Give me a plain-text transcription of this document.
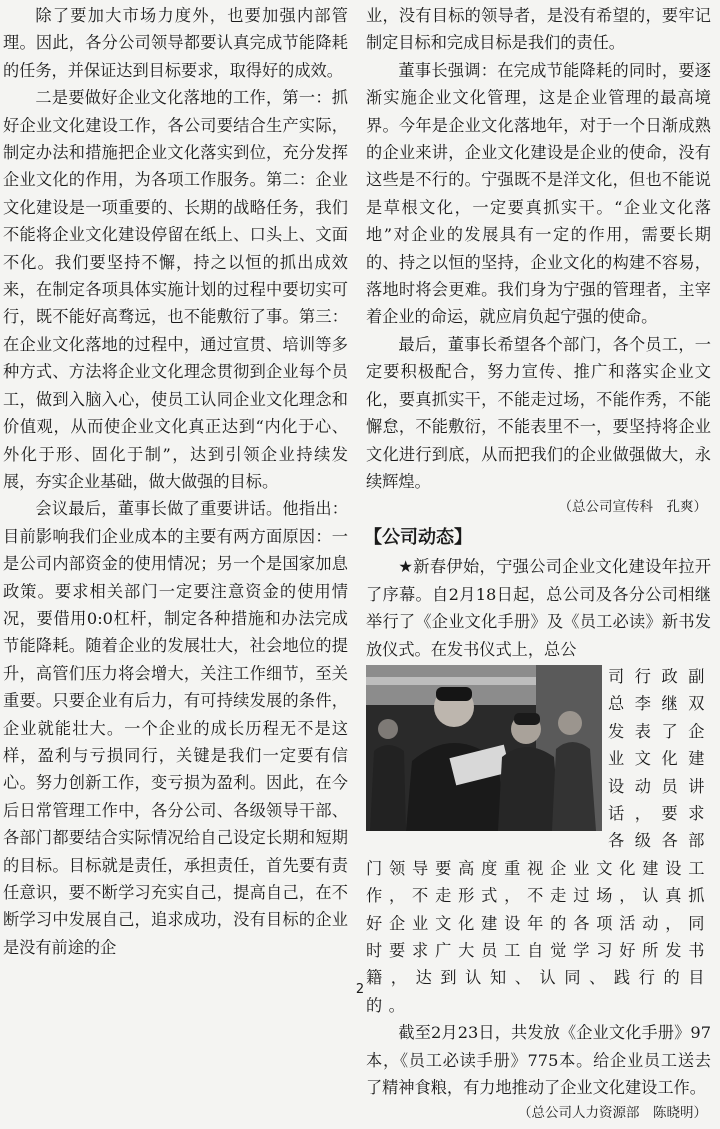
除了要加大市场力度外，也要加强内部管理。因此，各分公司领导都要认真完成节能降耗的任务，并保证达到目标要求，取得好的成效。

二是要做好企业文化落地的工作，第一：抓好企业文化建设工作，各公司要结合生产实际，制定办法和措施把企业文化落实到位，充分发挥企业文化的作用，为各项工作服务。第二：企业文化建设是一项重要的、长期的战略任务，我们不能将企业文化建设停留在纸上、口头上、文面不化。我们要坚持不懈，持之以恒的抓出成效来，在制定各项具体实施计划的过程中要切实可行，既不能好高骛远，也不能敷衍了事。第三：在企业文化落地的过程中，通过宣贯、培训等多种方式、方法将企业文化理念贯彻到企业每个员工，做到入脑入心，使员工认同企业文化理念和价值观，从而使企业文化真正达到“内化于心、外化于形、固化于制”，达到引领企业持续发展，夯实企业基础，做大做强的目标。

会议最后，董事长做了重要讲话。他指出：目前影响我们企业成本的主要有两方面原因：一是公司内部资金的使用情况；另一个是国家加息政策。要求相关部门一定要注意资金的使用情况，要借用0:0杠杆，制定各种措施和办法完成节能降耗。随着企业的发展壮大，社会地位的提升，高管们压力将会增大，关注工作细节，至关重要。只要企业有后力，有可持续发展的条件，企业就能壮大。一个企业的成长历程无不是这样，盈利与亏损同行，关键是我们一定要有信心。努力创新工作，变亏损为盈利。因此，在今后日常管理工作中，各分公司、各级领导干部、各部门都要结合实际情况给自己设定长期和短期的目标。目标就是责任，承担责任，首先要有责任意识，要不断学习充实自己，提高自己，在不断学习中发展自己，追求成功，没有目标的企业是没有前途的企

业，没有目标的领导者，是没有希望的，要牢记制定目标和完成目标是我们的责任。

董事长强调：在完成节能降耗的同时，要逐渐实施企业文化管理，这是企业管理的最高境界。今年是企业文化落地年，对于一个日渐成熟的企业来讲，企业文化建设是企业的使命，没有这些是不行的。宁强既不是洋文化，但也不能说是草根文化，一定要真抓实干。“企业文化落地”对企业的发展具有一定的作用，需要长期的、持之以恒的坚持，企业文化的构建不容易，落地时将会更难。我们身为宁强的管理者，主宰着企业的命运，就应肩负起宁强的使命。

最后，董事长希望各个部门，各个员工，一定要积极配合，努力宣传、推广和落实企业文化，要真抓实干，不能走过场，不能作秀，不能懈怠，不能敷衍，不能表里不一，要坚持将企业文化进行到底，从而把我们的企业做强做大，永续辉煌。

（总公司宣传科　孔爽）
【公司动态】

★新春伊始，宁强公司企业文化建设年拉开了序幕。自2月18日起，总公司及各分公司相继举行了《企业文化手册》及《员工必读》新书发放仪式。在发书仪式上，总公

司行政副总李继双发表了企业文化建设动员讲话，要求各级各部门领导要高度重视企业文化建设工作，不走形式，不走过场，认真抓好企业文化建设年的各项活动，同时要求广大员工自觉学习好所发书籍，达到认知、认同、践行的目的。

截至2月23日，共发放《企业文化手册》97本，《员工必读手册》775本。给企业员工送去了精神食粮，有力地推动了企业文化建设工作。

（总公司人力资源部　陈晓明）
2
